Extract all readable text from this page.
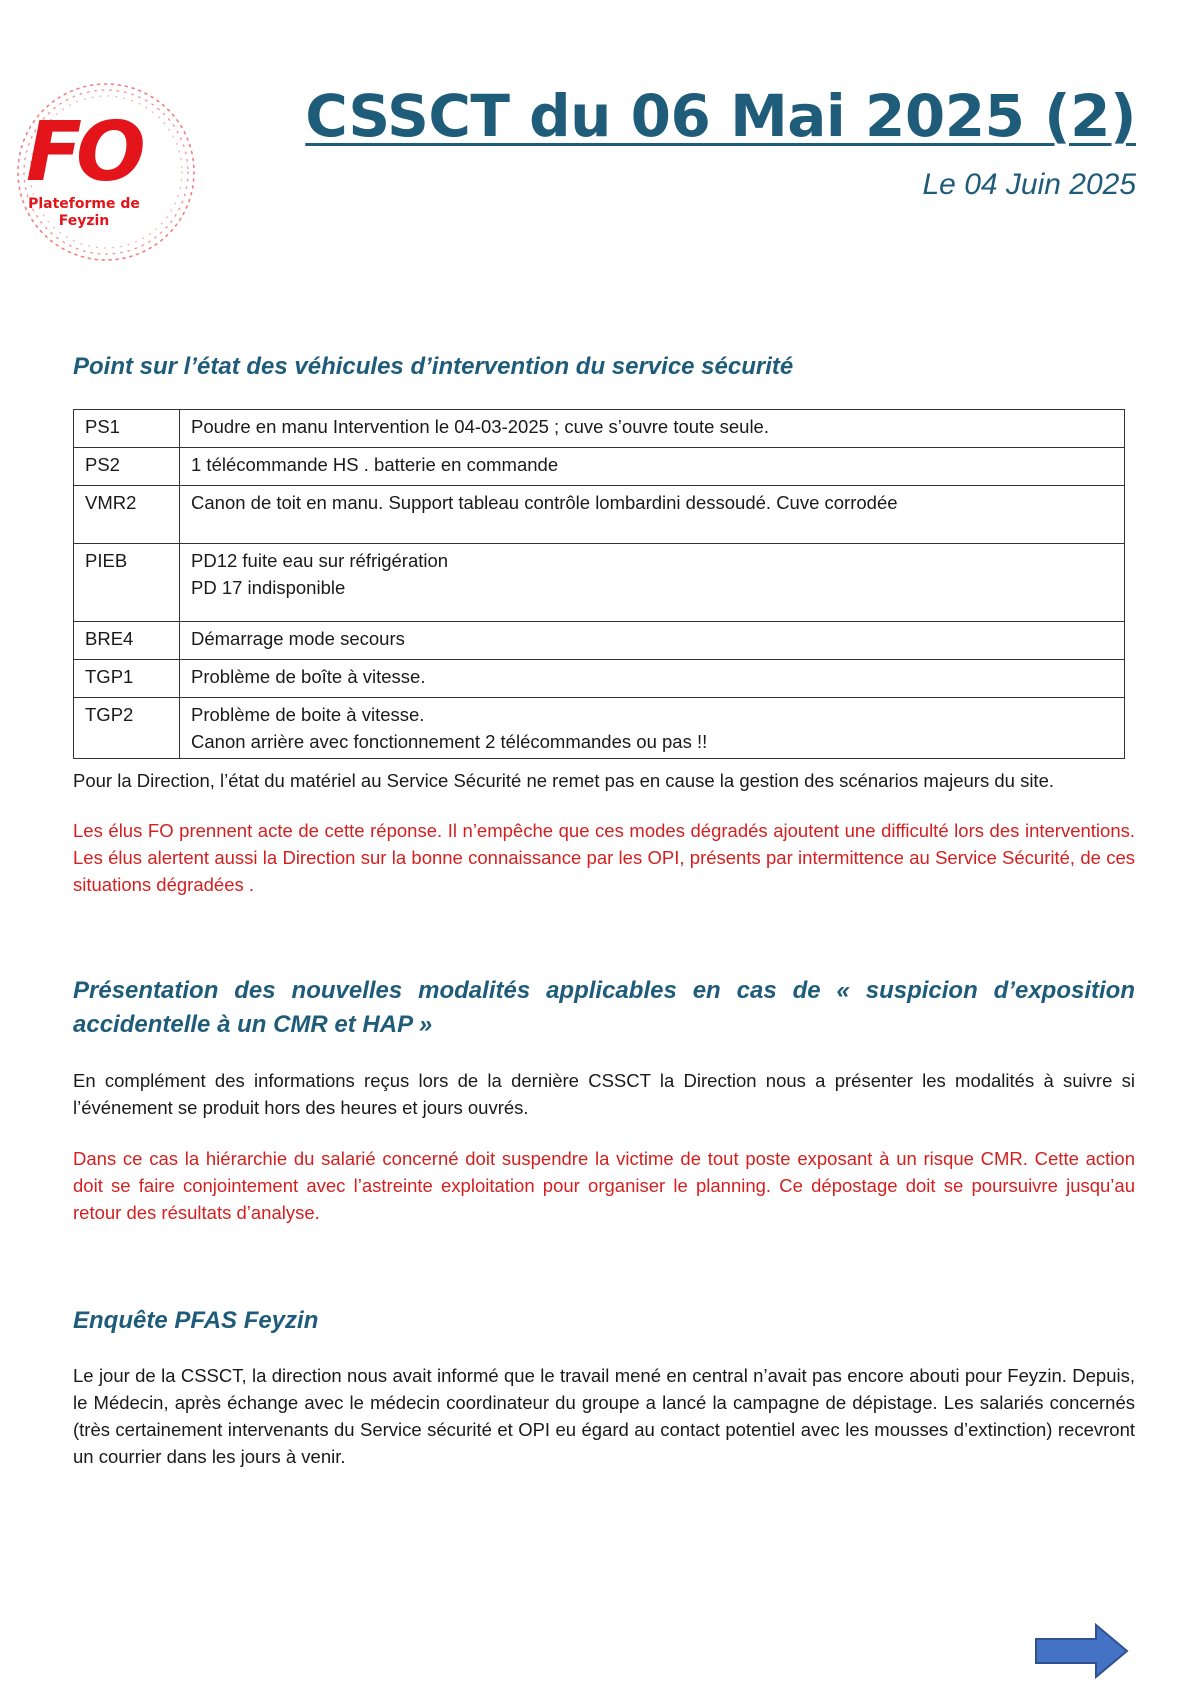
FO
Plateforme de
Feyzin
CSSCT du 06 Mai 2025 (2)
Le 04 Juin 2025
Point sur l’état des véhicules d’intervention du service sécurité
PS1	Poudre en manu Intervention le 04-03-2025 ; cuve s’ouvre toute seule.

PS2	1 télécommande HS . batterie en commande

VMR2	Canon de toit en manu. Support tableau contrôle lombardini dessoudé. Cuve corrodée

PIEB	PD12 fuite eau sur réfrigération
PD 17 indisponible

BRE4	Démarrage mode secours

TGP1	Problème de boîte à vitesse.

TGP2	Problème de boite à vitesse.
Canon arrière avec fonctionnement 2 télécommandes ou pas !!
Pour la Direction, l’état du matériel au Service Sécurité ne remet pas en cause la gestion des scénarios majeurs du site.
Les élus FO prennent acte de cette réponse. Il n’empêche que ces modes dégradés ajoutent une difficulté lors des interventions. Les élus alertent aussi la Direction sur la bonne connaissance par les OPI, présents par intermittence au Service Sécurité, de ces situations dégradées .
Présentation des nouvelles modalités applicables en cas de « suspicion d’exposition
accidentelle à un CMR et HAP »
En complément des informations reçus lors de la dernière CSSCT la Direction nous a présenter les modalités à suivre si l’événement se produit hors des heures et jours ouvrés.
Dans ce cas la hiérarchie du salarié concerné doit suspendre la victime de tout poste exposant à un risque CMR. Cette action doit se faire conjointement avec l’astreinte exploitation pour organiser le planning. Ce dépostage doit se poursuivre jusqu’au retour des résultats d’analyse.
Enquête PFAS Feyzin
Le jour de la CSSCT, la direction nous avait informé que le travail mené en central n’avait pas encore abouti pour Feyzin. Depuis, le Médecin, après échange avec le médecin coordinateur du groupe a lancé la campagne de dépistage. Les salariés concernés (très certainement intervenants du Service sécurité et OPI eu égard au contact potentiel avec les mousses d’extinction) recevront un courrier dans les jours à venir.
